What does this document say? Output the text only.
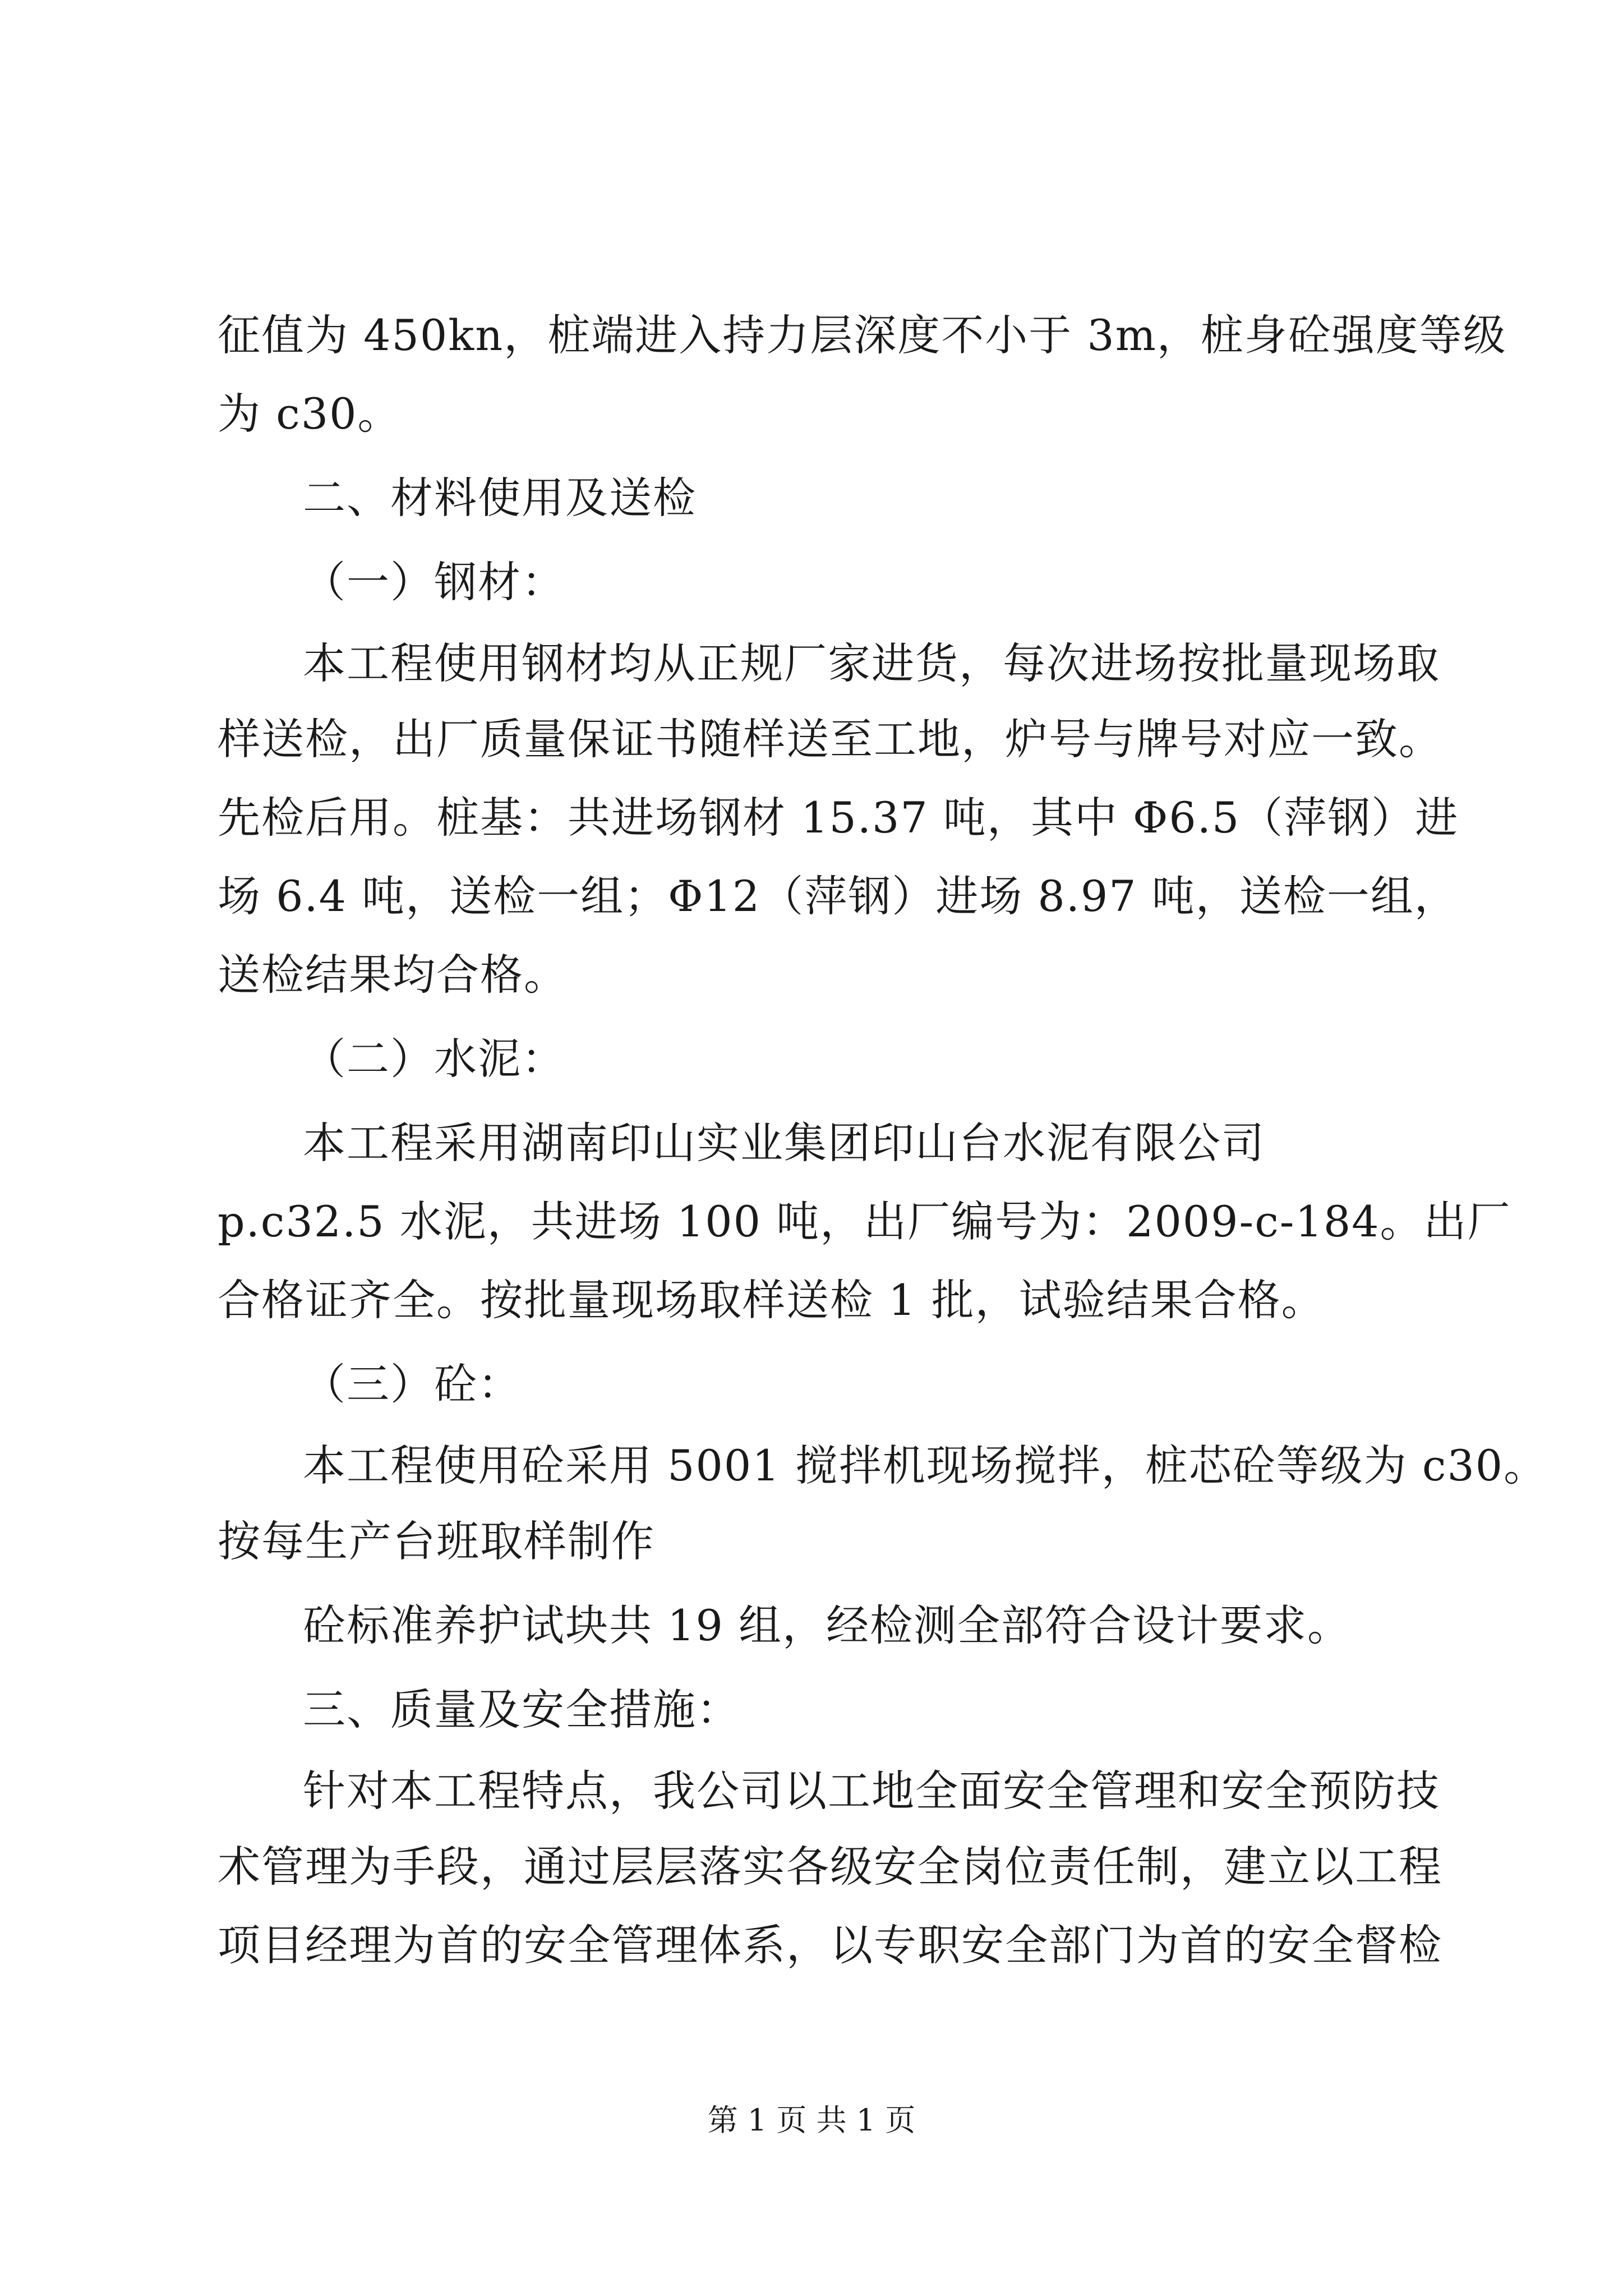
征值为 450kn，桩端进入持力层深度不小于 3m，桩身砼强度等级
为 c30。
二、材料使用及送检
（一）钢材：
本工程使用钢材均从正规厂家进货，每次进场按批量现场取
样送检，出厂质量保证书随样送至工地，炉号与牌号对应一致。
先检后用。桩基：共进场钢材 15.37 吨，其中 Φ6.5（萍钢）进
场 6.4 吨，送检一组；Φ12（萍钢）进场 8.97 吨，送检一组，
送检结果均合格。
（二）水泥：
本工程采用湖南印山实业集团印山台水泥有限公司
p.c32.5 水泥，共进场 100 吨，出厂编号为：2009-c-184。出厂
合格证齐全。按批量现场取样送检 1 批，试验结果合格。
（三）砼：
本工程使用砼采用 5001 搅拌机现场搅拌，桩芯砼等级为 c30。
按每生产台班取样制作
砼标准养护试块共 19 组，经检测全部符合设计要求。
三、质量及安全措施：
针对本工程特点，我公司以工地全面安全管理和安全预防技
术管理为手段，通过层层落实各级安全岗位责任制，建立以工程
项目经理为首的安全管理体系，以专职安全部门为首的安全督检
第 1 页 共 1 页
